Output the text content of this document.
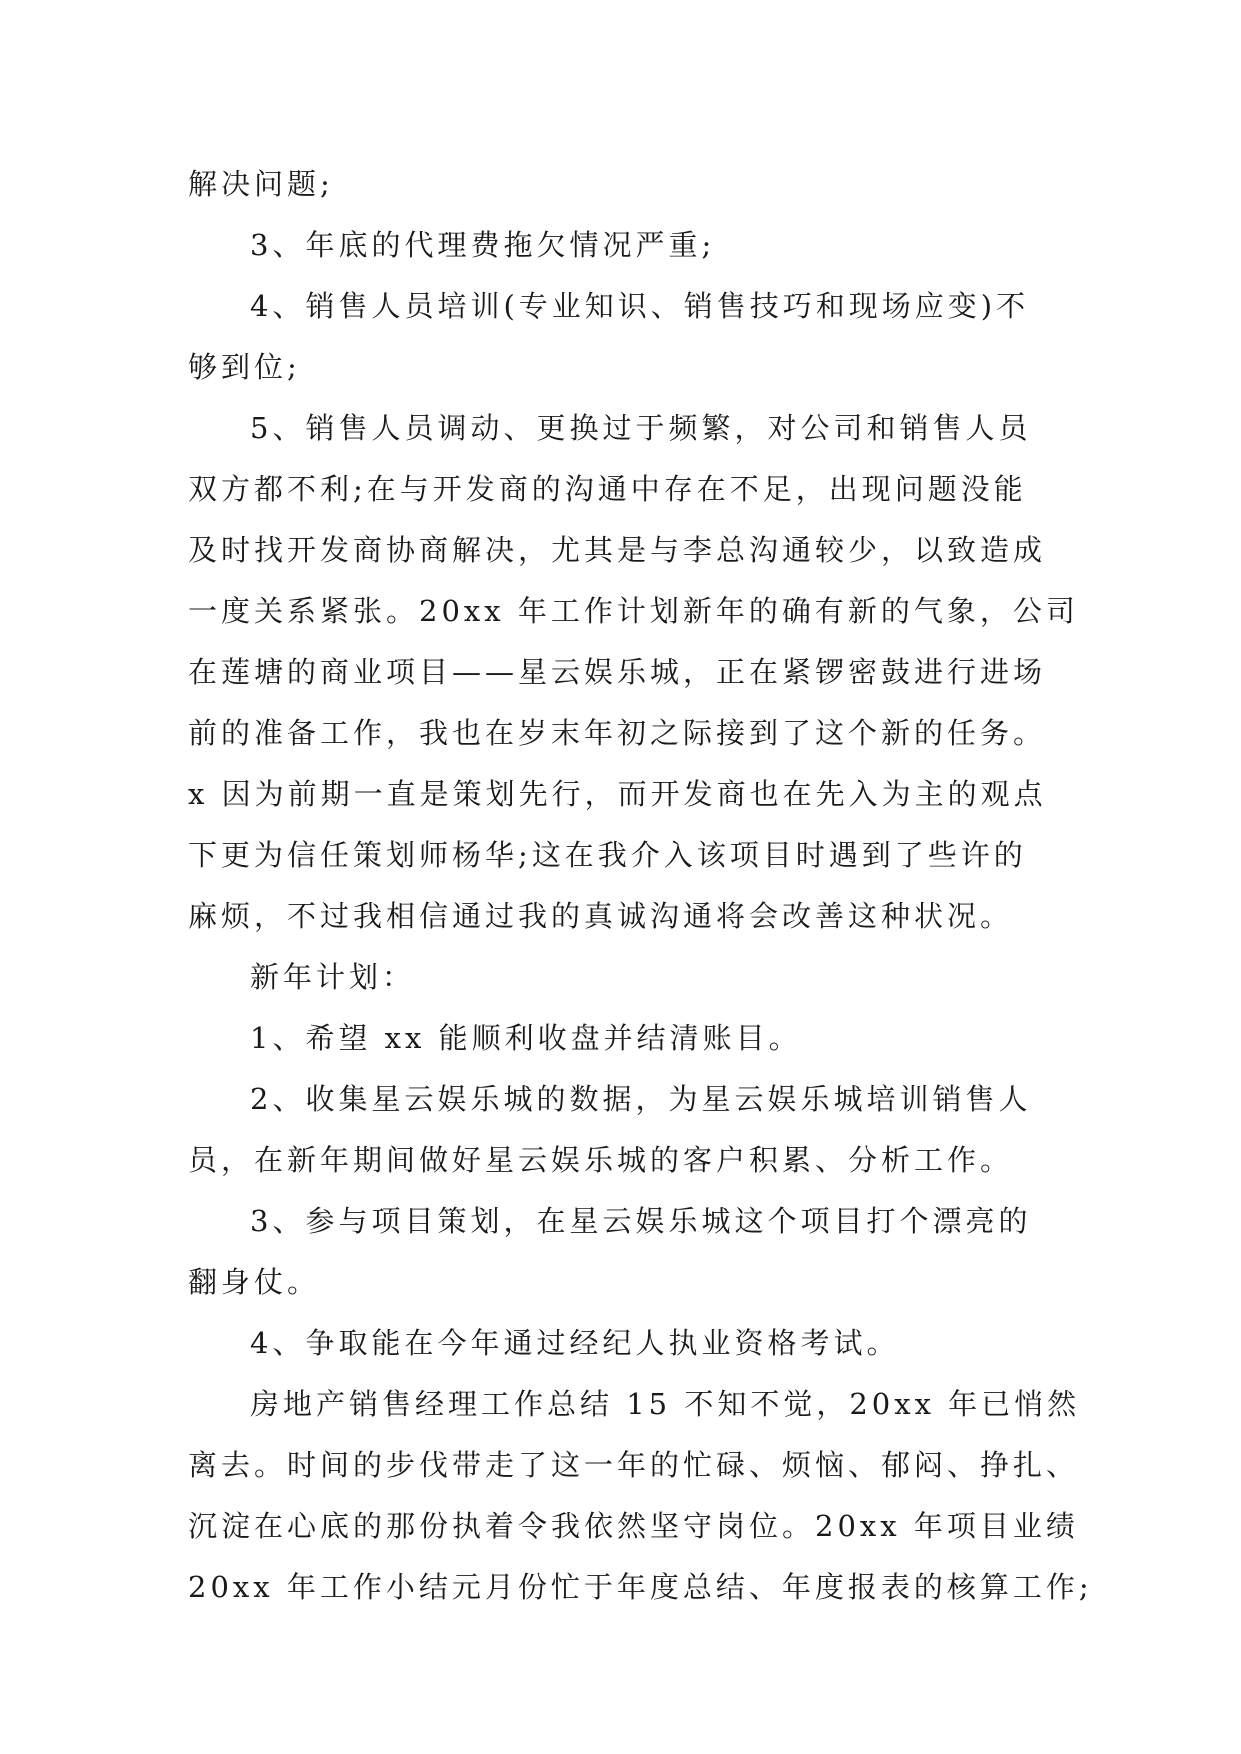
解决问题;
3、年底的代理费拖欠情况严重;
4、销售人员培训(专业知识、销售技巧和现场应变)不
够到位;
5、销售人员调动、更换过于频繁，对公司和销售人员
双方都不利;在与开发商的沟通中存在不足，出现问题没能
及时找开发商协商解决，尤其是与李总沟通较少，以致造成
一度关系紧张。20xx 年工作计划新年的确有新的气象，公司
在莲塘的商业项目——星云娱乐城，正在紧锣密鼓进行进场
前的准备工作，我也在岁末年初之际接到了这个新的任务。
x 因为前期一直是策划先行，而开发商也在先入为主的观点
下更为信任策划师杨华;这在我介入该项目时遇到了些许的
麻烦，不过我相信通过我的真诚沟通将会改善这种状况。
新年计划：
1、希望 xx 能顺利收盘并结清账目。
2、收集星云娱乐城的数据，为星云娱乐城培训销售人
员，在新年期间做好星云娱乐城的客户积累、分析工作。
3、参与项目策划，在星云娱乐城这个项目打个漂亮的
翻身仗。
4、争取能在今年通过经纪人执业资格考试。
房地产销售经理工作总结 15 不知不觉，20xx 年已悄然
离去。时间的步伐带走了这一年的忙碌、烦恼、郁闷、挣扎、
沉淀在心底的那份执着令我依然坚守岗位。20xx 年项目业绩
20xx 年工作小结元月份忙于年度总结、年度报表的核算工作;
